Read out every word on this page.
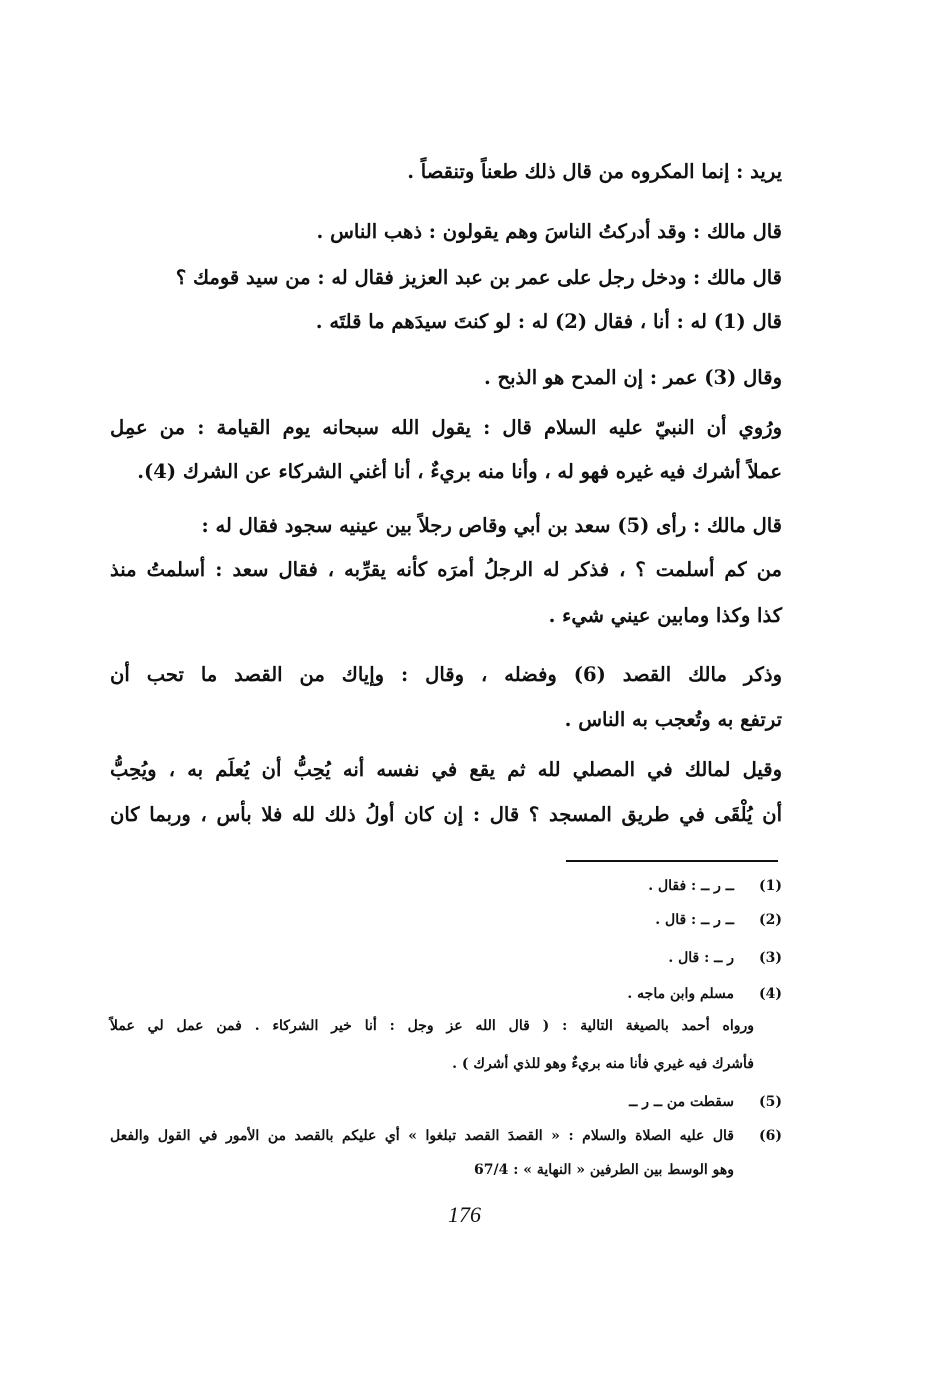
يريد : إنما المكروه من قال ذلك طعناً وتنقصاً .
قال مالك : وقد أدركتُ الناسَ وهم يقولون : ذهب الناس .
قال مالك : ودخل رجل على عمر بن عبد العزيز فقال له : من سيد قومك ؟
قال (1) له : أنا ، فقال (2) له : لو كنتَ سيدَهم ما قلتَه .
وقال (3) عمر : إن المدح هو الذبح .
ورُوي أن النبيّ عليه السلام قال : يقول الله سبحانه يوم القيامة : من عمِل
عملاً أشرك فيه غيره فهو له ، وأنا منه بريءٌ ، أنا أغني الشركاء عن الشرك (4).
قال مالك : رأى (5) سعد بن أبي وقاص رجلاً بين عينيه سجود فقال له :
من كم أسلمت ؟ ، فذكر له الرجلُ أمرَه كأنه يقرِّبه ، فقال سعد : أسلمتُ منذ
كذا وكذا ومابين عيني شيء .
وذكر مالك القصد (6) وفضله ، وقال : وإياك من القصد ما تحب أن
ترتفع به وتُعجب به الناس .
وقيل لمالك في المصلي لله ثم يقع في نفسه أنه يُحِبُّ أن يُعلَم به ، ويُحِبُّ
أن يُلْقَى في طريق المسجد ؟ قال : إن كان أولُ ذلك لله فلا بأس ، وربما كان
(1)
ــ ر ــ : فقال .
(2)
ــ ر ــ : قال .
(3)
ر ــ : قال .
(4)
مسلم وابن ماجه .
ورواه أحمد بالصيغة التالية : ( قال الله عز وجل : أنا خير الشركاء . فمن عمل لي عملاً
فأشرك فيه غيري فأنا منه بريءٌ وهو للذي أشرك ) .
(5)
سقطت من ــ ر ــ
(6)
قال عليه الصلاة والسلام : « القصدَ القصد تبلغوا » أي عليكم بالقصد من الأمور في القول والفعل
وهو الوسط بين الطرفين « النهاية » : 67/4
176
